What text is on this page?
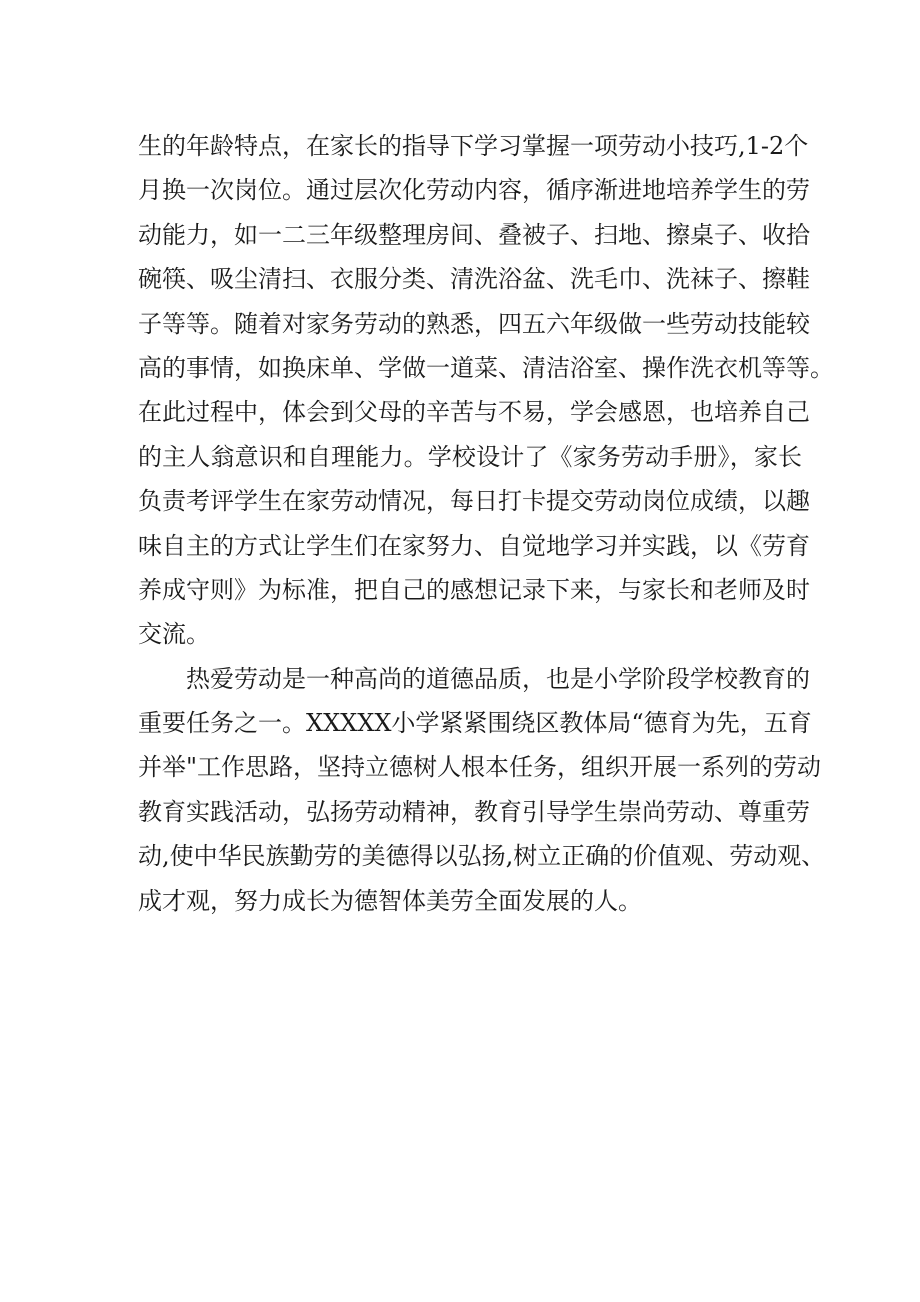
生的年龄特点，在家长的指导下学习掌握一项劳动小技巧,1-2个
月换一次岗位。通过层次化劳动内容，循序渐进地培养学生的劳
动能力，如一二三年级整理房间、叠被子、扫地、擦桌子、收拾
碗筷、吸尘清扫、衣服分类、清洗浴盆、洗毛巾、洗袜子、擦鞋
子等等。随着对家务劳动的熟悉，四五六年级做一些劳动技能较
高的事情，如换床单、学做一道菜、清洁浴室、操作洗衣机等等。
在此过程中，体会到父母的辛苦与不易，学会感恩，也培养自己
的主人翁意识和自理能力。学校设计了《家务劳动手册》，家长
负责考评学生在家劳动情况，每日打卡提交劳动岗位成绩，以趣
味自主的方式让学生们在家努力、自觉地学习并实践，以《劳育
养成守则》为标准，把自己的感想记录下来，与家长和老师及时
交流。
热爱劳动是一种高尚的道德品质，也是小学阶段学校教育的
重要任务之一。XXXXX小学紧紧围绕区教体局“德育为先，五育
并举"工作思路，坚持立德树人根本任务，组织开展一系列的劳动
教育实践活动，弘扬劳动精神，教育引导学生崇尚劳动、尊重劳
动,使中华民族勤劳的美德得以弘扬,树立正确的价值观、劳动观、
成才观，努力成长为德智体美劳全面发展的人。
